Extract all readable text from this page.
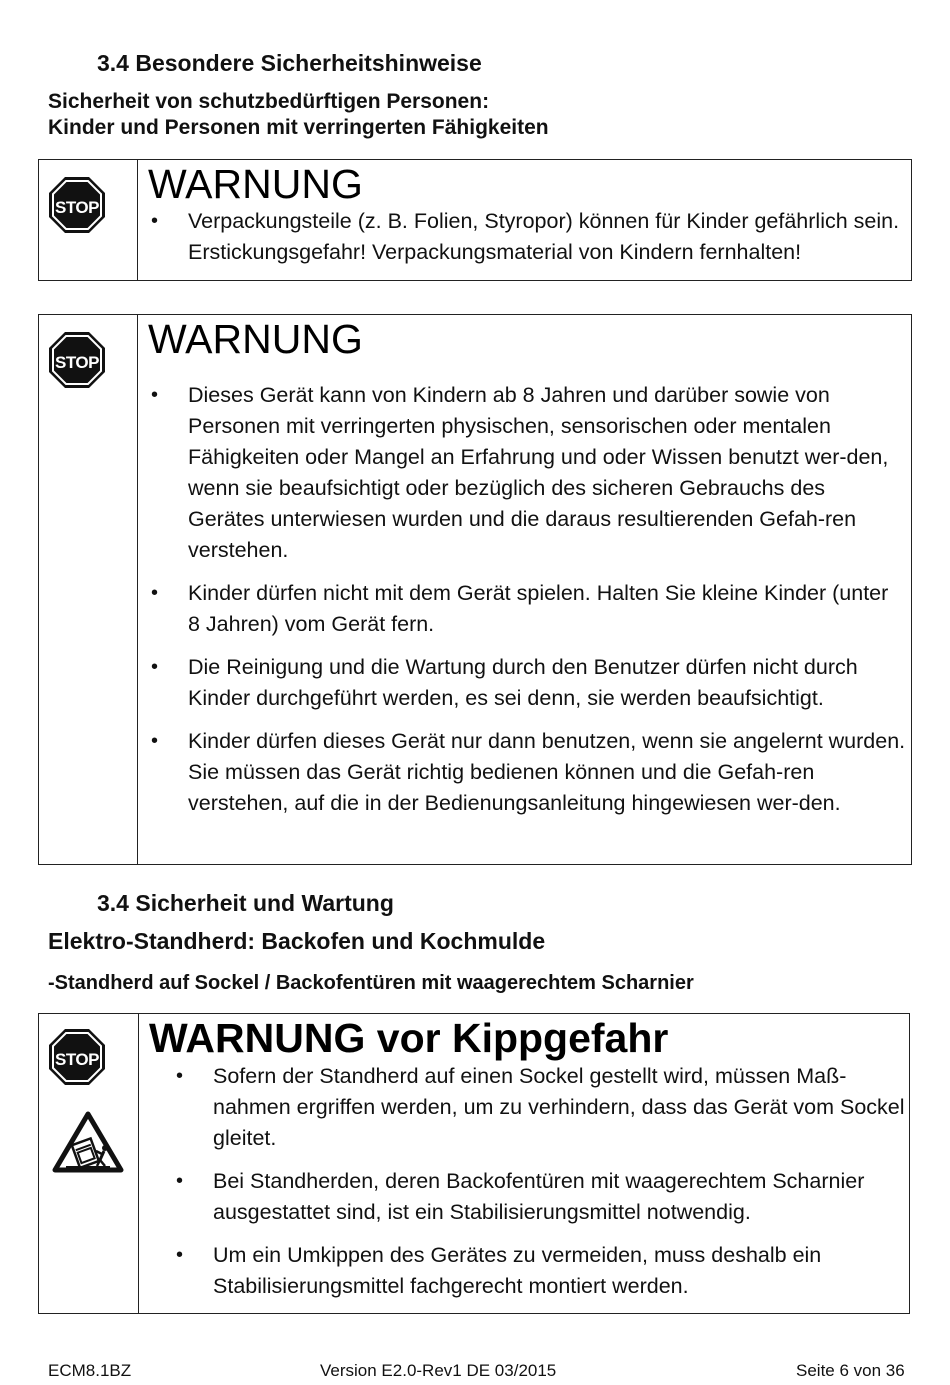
3.4 Besondere Sicherheitshinweise
Sicherheit von schutzbedürftigen Personen:
Kinder und Personen mit verringerten Fähigkeiten
STOP
WARNUNG
• Verpackungsteile (z. B. Folien, Styropor) können für Kinder gefährlich sein. Erstickungsgefahr! Verpackungsmaterial von Kindern fernhalten!
STOP
WARNUNG
• Dieses Gerät kann von Kindern ab 8 Jahren und darüber sowie von Personen mit verringerten physischen, sensorischen oder mentalen Fähigkeiten oder Mangel an Erfahrung und oder Wissen benutzt wer-den, wenn sie beaufsichtigt oder bezüglich des sicheren Gebrauchs des Gerätes unterwiesen wurden und die daraus resultierenden Gefah-ren verstehen.
• Kinder dürfen nicht mit dem Gerät spielen. Halten Sie kleine Kinder (unter 8 Jahren) vom Gerät fern.
• Die Reinigung und die Wartung durch den Benutzer dürfen nicht durch Kinder durchgeführt werden, es sei denn, sie werden beaufsichtigt.
• Kinder dürfen dieses Gerät nur dann benutzen, wenn sie angelernt wurden. Sie müssen das Gerät richtig bedienen können und die Gefah-ren verstehen, auf die in der Bedienungsanleitung hingewiesen wer-den.
3.4 Sicherheit und Wartung
Elektro-Standherd: Backofen und Kochmulde
-Standherd auf Sockel / Backofentüren mit waagerechtem Scharnier
STOP WARNUNG vor Kippgefahr
• Sofern der Standherd auf einen Sockel gestellt wird, müssen Maß-nahmen ergriffen werden, um zu verhindern, dass das Gerät vom Sockel gleitet.
• Bei Standherden, deren Backofentüren mit waagerechtem Scharnier ausgestattet sind, ist ein Stabilisierungsmittel notwendig.
• Um ein Umkippen des Gerätes zu vermeiden, muss deshalb ein Stabilisierungsmittel fachgerecht montiert werden.
ECM8.1BZ	Version E2.0-Rev1 DE 03/2015	Seite 6 von 36
